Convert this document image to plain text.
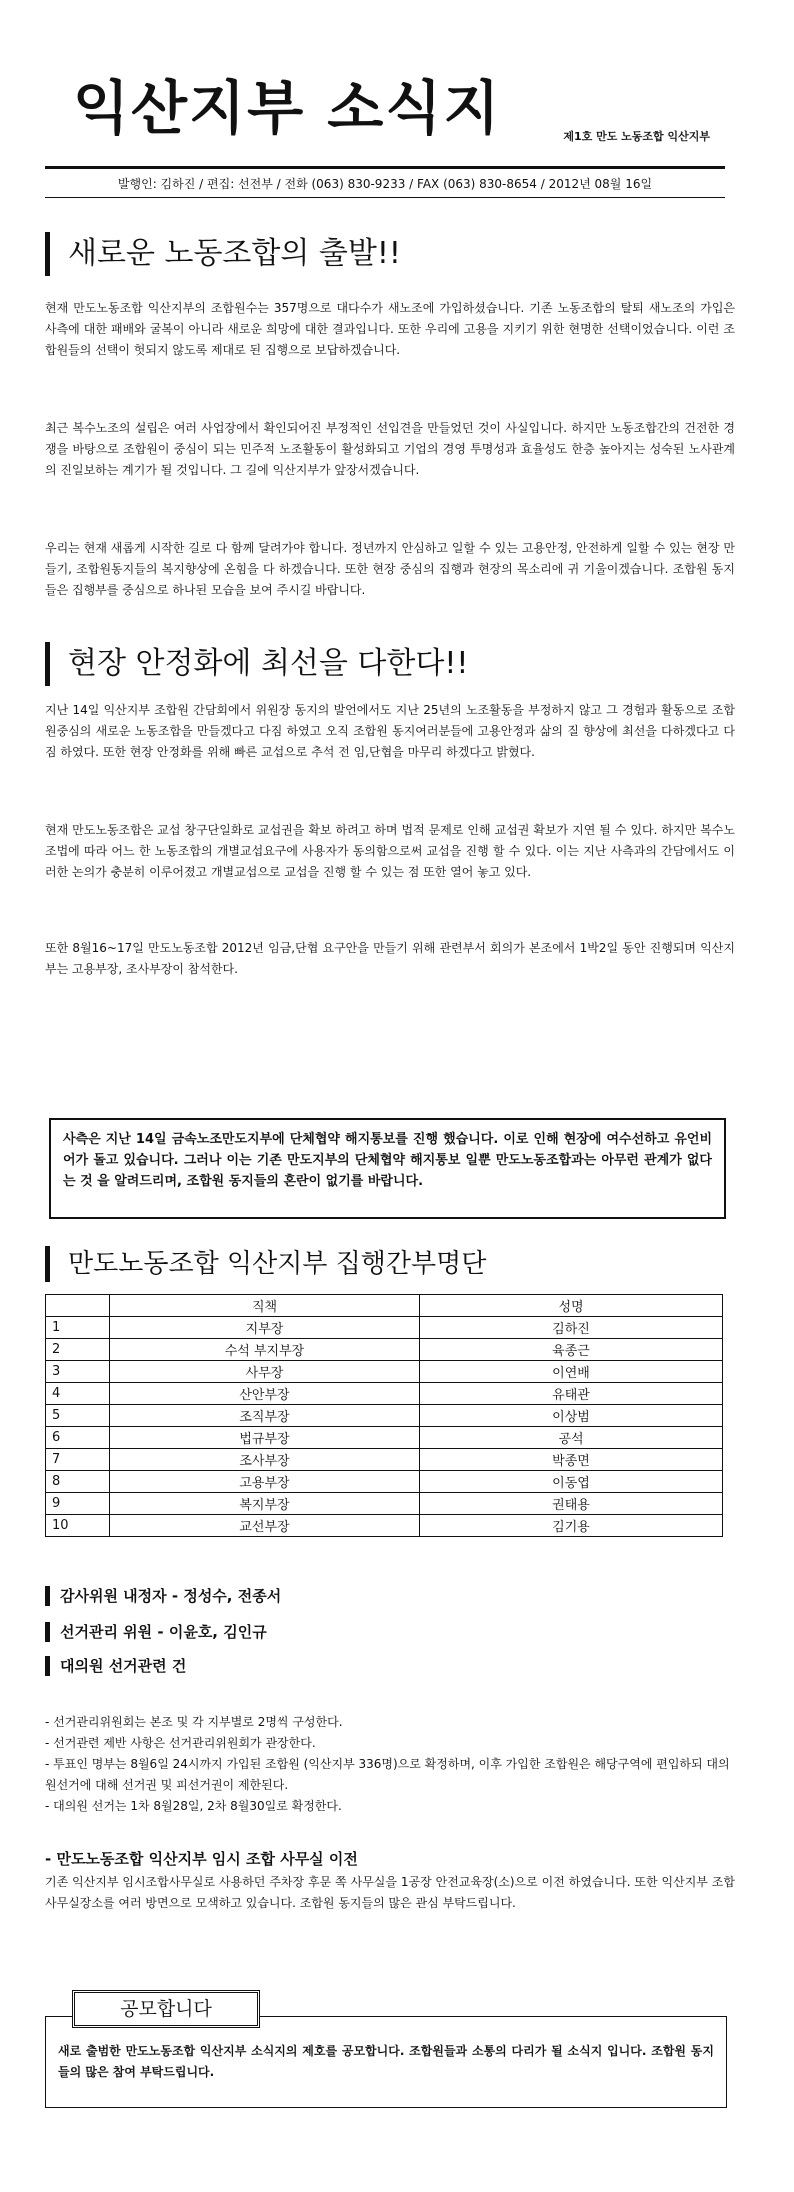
익산지부 소식지	제1호 만도 노동조합 익산지부
발행인: 김하진 / 편집: 선전부 / 전화 (063) 830-9233 / FAX (063) 830-8654 / 2012년 08월 16일
새로운 노동조합의 출발!!

현재 만도노동조합 익산지부의 조합원수는 357명으로 대다수가 새노조에 가입하셨습니다. 기존 노동조합의 탈퇴 새노조의 가입은 사측에 대한 패배와 굴복이 아니라 새로운 희망에 대한 결과입니다. 또한 우리에 고용을 지키기 위한 현명한 선택이었습니다. 이런 조합원들의 선택이 헛되지 않도록 제대로 된 집행으로 보답하겠습니다.

최근 복수노조의 설립은 여러 사업장에서 확인되어진 부정적인 선입견을 만들었던 것이 사실입니다. 하지만 노동조합간의 건전한 경쟁을 바탕으로 조합원이 중심이 되는 민주적 노조활동이 활성화되고 기업의 경영 투명성과 효율성도 한층 높아지는 성숙된 노사관계의 진일보하는 계기가 될 것입니다. 그 길에 익산지부가 앞장서겠습니다.

우리는 현재 새롭게 시작한 길로 다 함께 달려가야 합니다. 정년까지 안심하고 일할 수 있는 고용안정, 안전하게 일할 수 있는 현장 만들기, 조합원동지들의 복지향상에 온힘을 다 하겠습니다. 또한 현장 중심의 집행과 현장의 목소리에 귀 기울이겠습니다. 조합원 동지들은 집행부를 중심으로 하나된 모습을 보여 주시길 바랍니다.

현장 안정화에 최선을 다한다!!

지난 14일 익산지부 조합원 간담회에서 위원장 동지의 발언에서도 지난 25년의 노조활동을 부정하지 않고 그 경험과 활동으로 조합원중심의 새로운 노동조합을 만들겠다고 다짐 하였고 오직 조합원 동지여러분들에 고용안정과 삶의 질 향상에 최선을 다하겠다고 다짐 하였다. 또한 현장 안정화를 위해 빠른 교섭으로 추석 전 임,단협을 마무리 하겠다고 밝혔다.

현재 만도노동조합은 교섭 창구단일화로 교섭권을 확보 하려고 하며 법적 문제로 인해 교섭권 확보가 지연 될 수 있다. 하지만 복수노조법에 따라 어느 한 노동조합의 개별교섭요구에 사용자가 동의함으로써 교섭을 진행 할 수 있다. 이는 지난 사측과의 간담에서도 이러한 논의가 충분히 이루어졌고 개별교섭으로 교섭을 진행 할 수 있는 점 또한 열어 놓고 있다.

또한 8월16~17일 만도노동조합 2012년 임금,단협 요구안을 만들기 위해 관련부서 회의가 본조에서 1박2일 동안 진행되며 익산지부는 고용부장, 조사부장이 참석한다.

사측은 지난 14일 금속노조만도지부에 단체협약 해지통보를 진행 했습니다. 이로 인해 현장에 여수선하고 유언비어가 돌고 있습니다. 그러나 이는 기존 만도지부의 단체협약 해지통보 일뿐 만도노동조합과는 아무런 관계가 없다는 것 을 알려드리며, 조합원 동지들의 혼란이 없기를 바랍니다.
만도노동조합 익산지부 집행간부명단
	직책	성명
1	지부장	김하진
2	수석 부지부장	육종근
3	사무장	이연배
4	산안부장	유태관
5	조직부장	이상범
6	법규부장	공석
7	조사부장	박종면
8	고용부장	이동엽
9	복지부장	권태용
10	교선부장	김기용
감사위원 내정자 - 정성수, 전종서
선거관리 위원 - 이윤호, 김인규
대의원 선거관련 건
- 선거관리위원회는 본조 및 각 지부별로 2명씩 구성한다.
- 선거관련 제반 사항은 선거관리위원회가 관장한다.
- 투표인 명부는 8월6일 24시까지 가입된 조합원 (익산지부 336명)으로 확정하며, 이후 가입한 조합원은 해당구역에 편입하되 대의원선거에 대해 선거권 및 피선거권이 제한된다.
- 대의원 선거는 1차 8월28일, 2차 8월30일로 확정한다.
- 만도노동조합 익산지부 임시 조합 사무실 이전

기존 익산지부 임시조합사무실로 사용하던 주차장 후문 쪽 사무실을 1공장 안전교육장(소)으로 이전 하였습니다. 또한 익산지부 조합사무실장소를 여러 방면으로 모색하고 있습니다. 조합원 동지들의 많은 관심 부탁드립니다.

새로 출범한 만도노동조합 익산지부 소식지의 제호를 공모합니다. 조합원들과 소통의 다리가 될 소식지 입니다. 조합원 동지들의 많은 참여 부탁드립니다.
공모합니다
